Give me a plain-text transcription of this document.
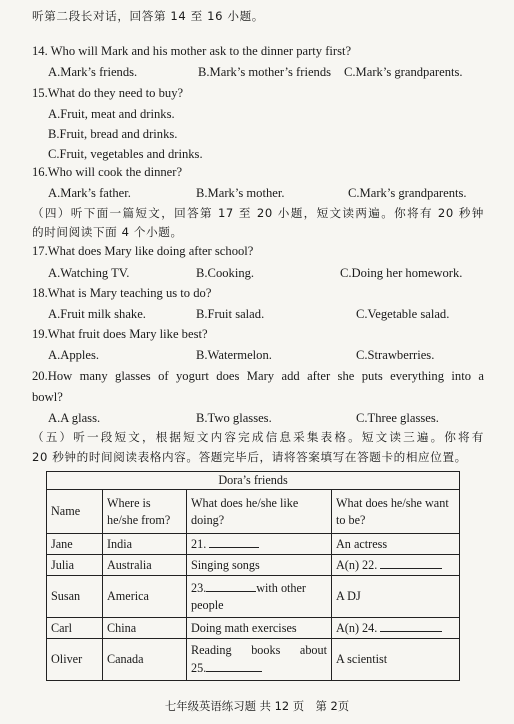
听第二段长对话，回答第 14 至 16 小题。
14. Who will Mark and his mother ask to the dinner party first?
A.Mark’s friends.	B.Mark’s mother’s friends C.Mark’s grandparents.
15.What do they need to buy?
A.Fruit, meat and drinks.
B.Fruit, bread and drinks.
C.Fruit, vegetables and drinks.
16.Who will cook the dinner?
A.Mark’s father.	B.Mark’s mother.	C.Mark’s grandparents.
（四）听下面一篇短文，回答第 17 至 20 小题，短文读两遍。你将有 20 秒钟
的时间阅读下面 4 个小题。
17.What does Mary like doing after school?
A.Watching TV.	B.Cooking.	C.Doing her homework.
18.What is Mary teaching us to do?
A.Fruit milk shake.	B.Fruit salad.	C.Vegetable salad.
19.What fruit does Mary like best?
A.Apples.	B.Watermelon.	C.Strawberries.
20.How many glasses of yogurt does Mary add after she puts everything into a
bowl?
A.A glass.	B.Two glasses.	C.Three glasses.
（五）听一段短文，根据短文内容完成信息采集表格。短文读三遍。你将有
20 秒钟的时间阅读表格内容。答题完毕后，请将答案填写在答题卡的相应位置。
Dora’s friends			
Name	Where is he/she from?	What does he/she like doing?	What does he/she want to be?
Jane	India	21.	An actress
Julia	Australia	Singing songs	A(n) 22.
Susan	America	23. with other
people	A DJ
Carl	China	Doing math exercises	A(n) 24.
Oliver	Canada	Reading books about
25.	A scientist
七年级英语练习题 共 12 页　第 2页
